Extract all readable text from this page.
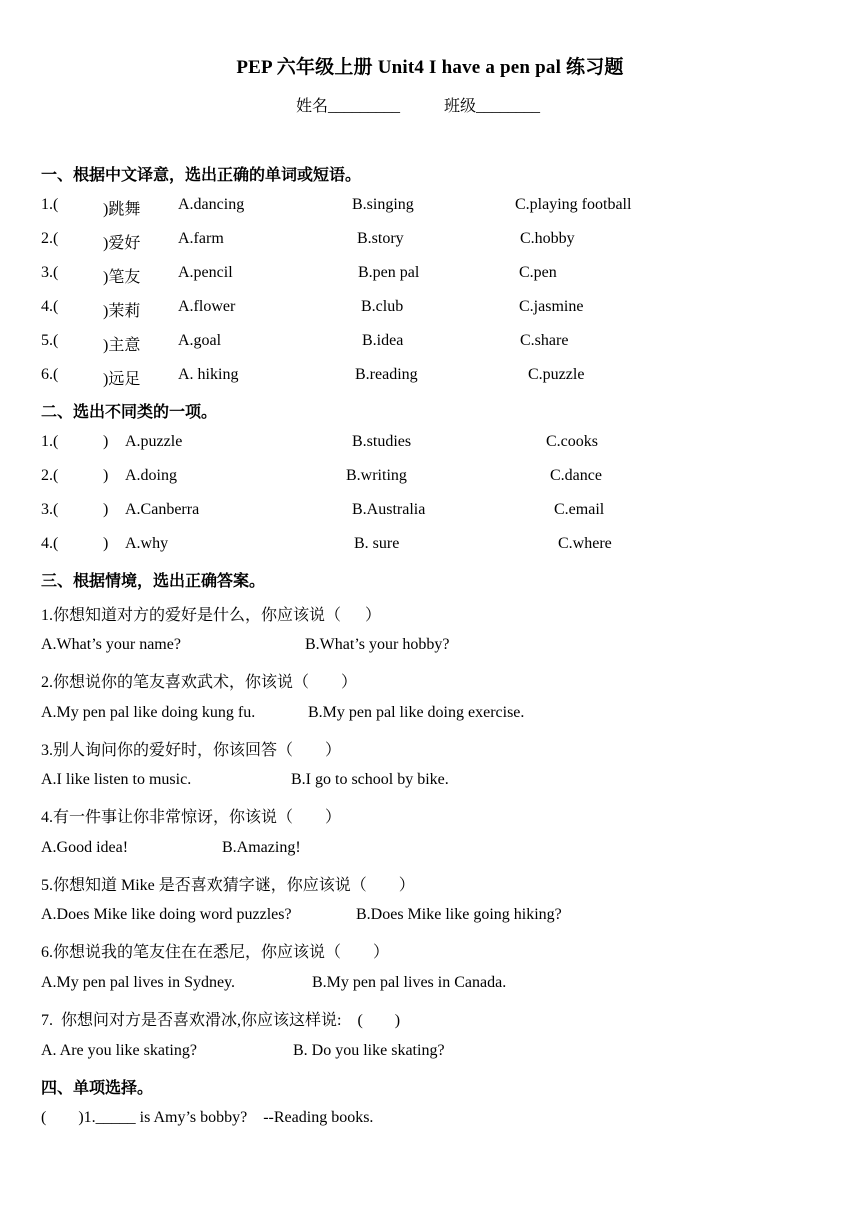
PEP 六年级上册 Unit4 I have a pen pal 练习题
姓名_________	班级________
一、根据中文译意，选出正确的单词或短语。
1.(	)跳舞 A.dancing	B.singing	C.playing football
2.(	)爱好 A.farm	B.story	C.hobby
3.(	)笔友 A.pencil	B.pen pal	C.pen
4.(	)茉莉 A.flower	B.club	C.jasmine
5.(	)主意 A.goal	B.idea	C.share
6.(	)远足 A. hiking	B.reading	C.puzzle
二、选出不同类的一项。
1.(	) A.puzzle	B.studies	C.cooks
2.(	) A.doing	B.writing	C.dance
3.(	) A.Canberra	B.Australia	C.email
4.(	) A.why	B. sure	C.where
三、根据情境，选出正确答案。
1.你想知道对方的爱好是什么，你应该说（      ）
A.What’s your name?	B.What’s your hobby?
2.你想说你的笔友喜欢武术，你该说（        ）
A.My pen pal like doing kung fu.	B.My pen pal like doing exercise.
3.别人询问你的爱好时，你该回答（        ）
A.I like listen to music.	B.I go to school by bike.
4.有一件事让你非常惊讶，你该说（        ）
A.Good idea!	B.Amazing!
5.你想知道 Mike 是否喜欢猜字谜，你应该说（        ）
A.Does Mike like doing word puzzles?	B.Does Mike like going hiking?
6.你想说我的笔友住在在悉尼，你应该说（        ）
A.My pen pal lives in Sydney.	B.My pen pal lives in Canada.
7.  你想问对方是否喜欢滑冰,你应该这样说:    (        )
A. Are you like skating?	B. Do you like skating?
四、单项选择。
(        )1._____ is Amy’s bobby?    --Reading books.
